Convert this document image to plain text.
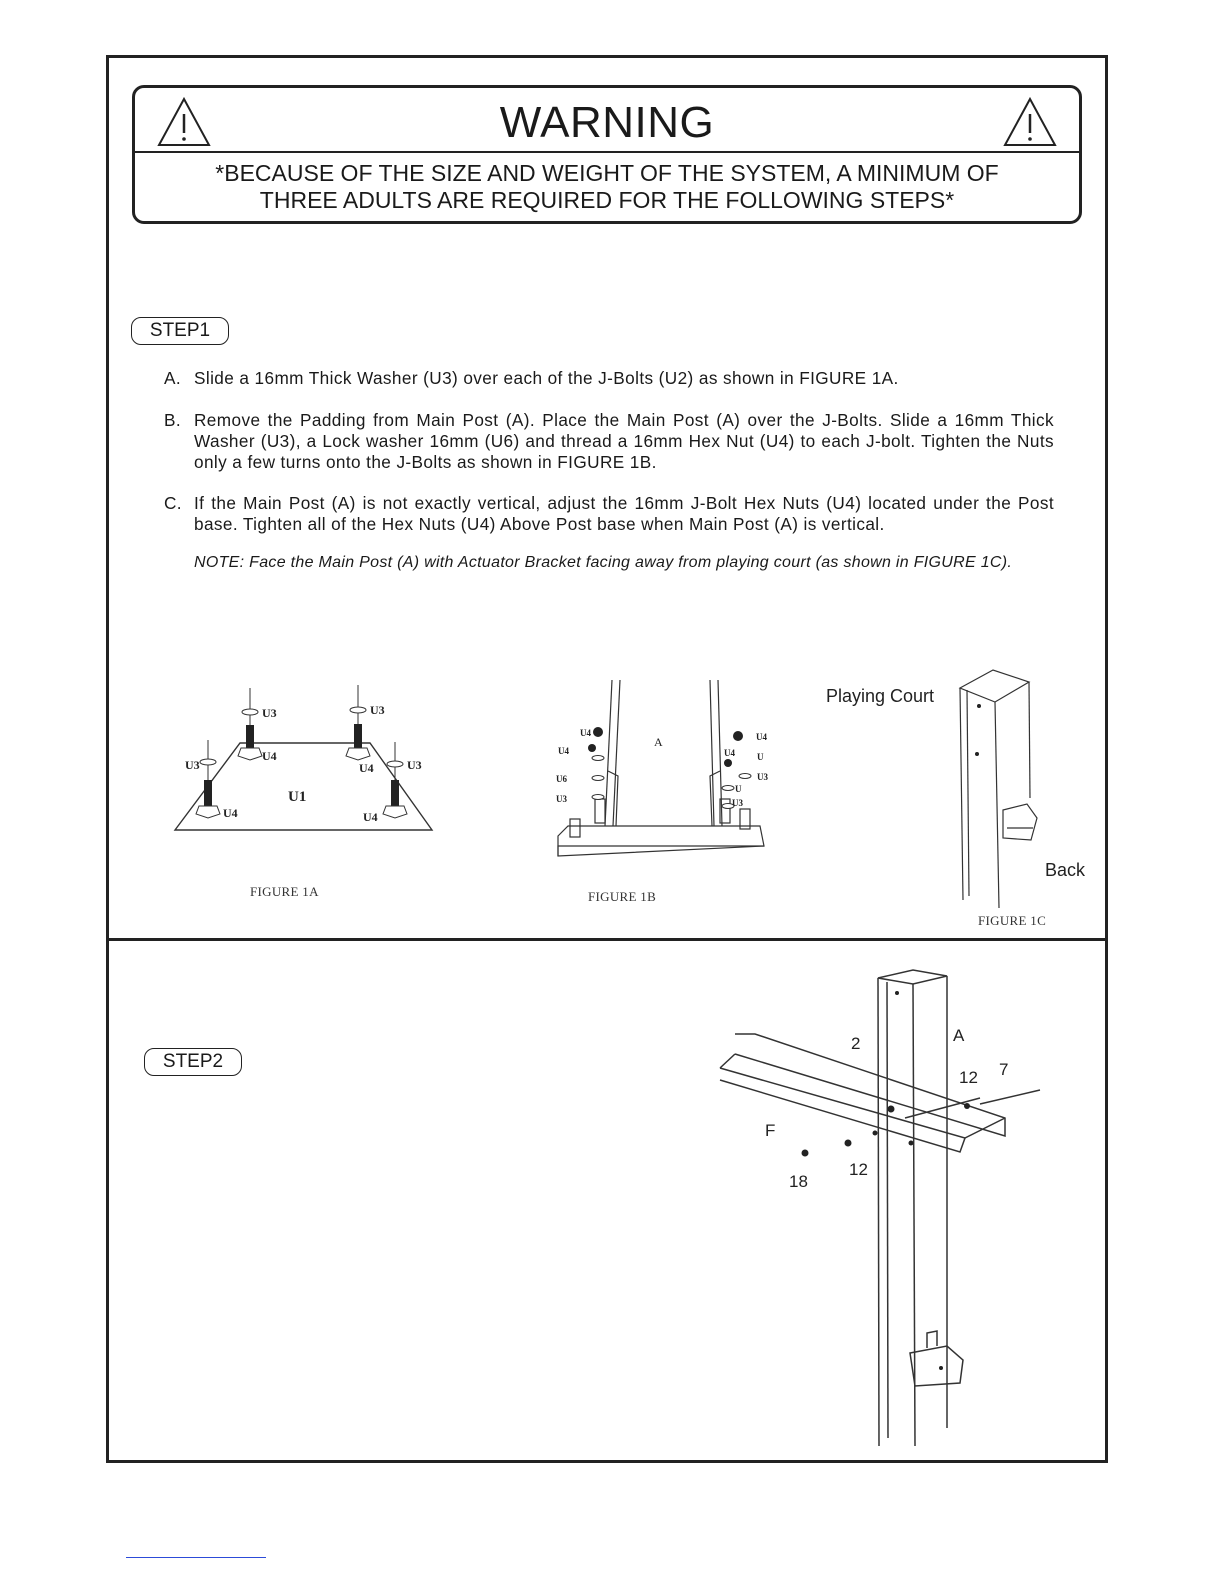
WARNING
*BECAUSE OF THE SIZE AND WEIGHT OF THE SYSTEM, A MINIMUM OF
THREE ADULTS ARE REQUIRED FOR THE FOLLOWING STEPS*
STEP1
A. Slide a 16mm Thick Washer (U3) over each of the J-Bolts (U2) as shown in FIGURE 1A.
B. Remove the Padding from Main Post (A). Place the Main Post (A) over the J-Bolts. Slide a 16mm Thick Washer (U3), a Lock washer 16mm (U6) and thread a 16mm Hex Nut (U4) to each J-bolt. Tighten the Nuts only a few turns onto the J-Bolts as shown in FIGURE 1B.
C. If the Main Post (A) is not exactly vertical, adjust the 16mm J-Bolt Hex Nuts (U4) located under the Post base. Tighten all of the Hex Nuts (U4) Above Post base when Main Post (A) is vertical.
NOTE: Face the Main Post (A) with Actuator Bracket facing away from playing court (as shown in FIGURE 1C).
U3	U3
U4
U4
U3	U3
U1
U4	U4
FIGURE 1A
A
U4
U4
U6
U3
U4
U4 U
U3
U
U3
FIGURE 1B
Playing Court
Back
FIGURE 1C
STEP2
2	A
12 7
F
18
12
